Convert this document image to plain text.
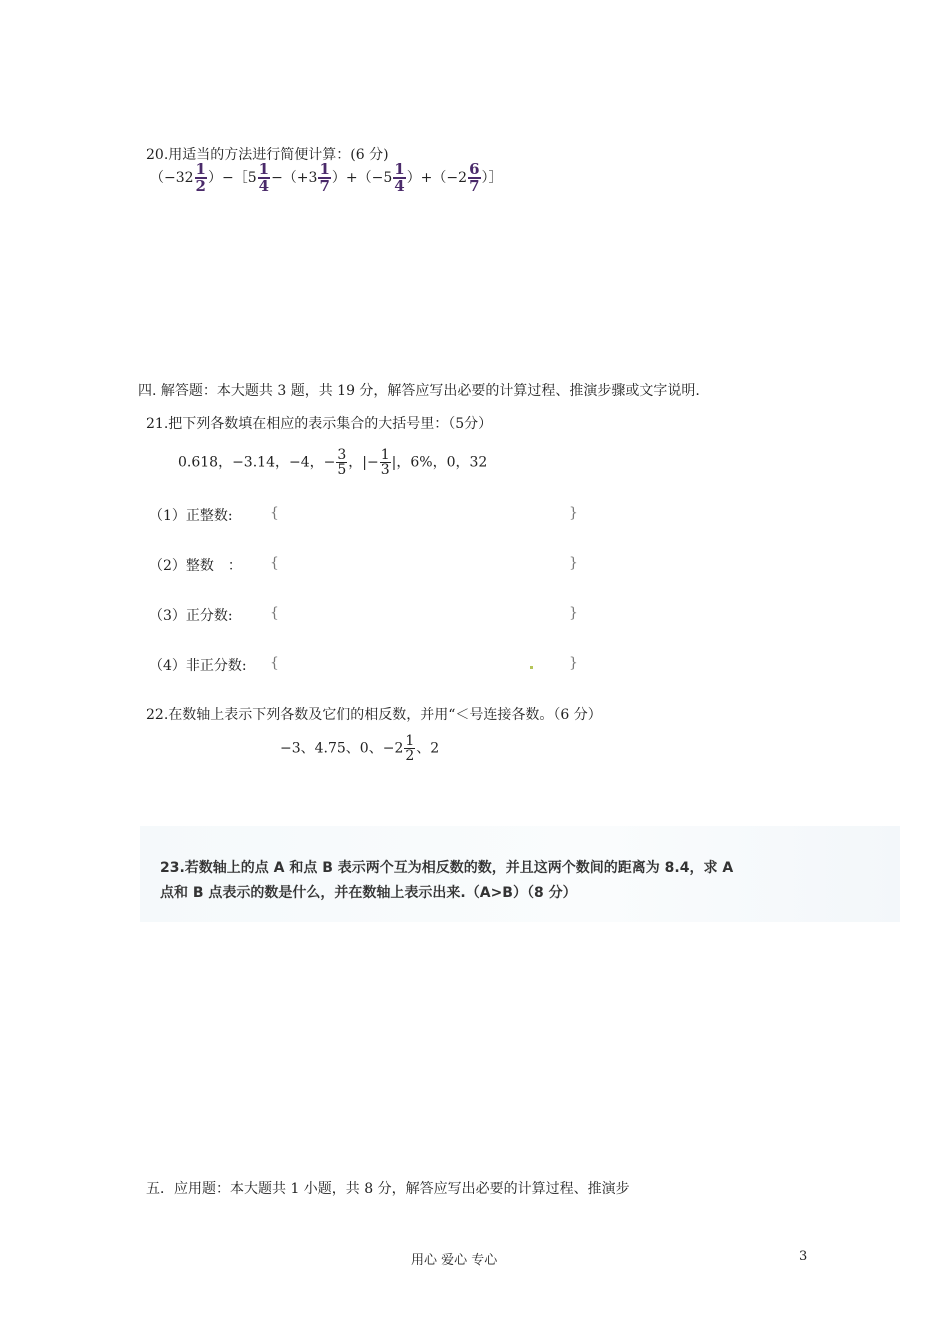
20.用适当的方法进行简便计算：(6 分)
（$-32 \frac{1}{2}$ ）−［5 $\frac{1}{4} -(+3 \frac{1}{7} )+(-5 \frac{1}{4} )+(-2 \frac{6}{7}$ ）］
四. 解答题：本大题共 3 题，共 19 分，解答应写出必要的计算过程、推演步骤或文字说明.
21.把下列各数填在相应的表示集合的大括号里：（5分）
0.618，−3.14，−4，− $\frac{3}{5}$ ，|− $\frac{1}{3}$ |，6%，0，32
（1）正整数:	{	}
（2）整数　： {	}
（3）正分数:	{	}
（4）非正分数: {	}
22.在数轴上表示下列各数及它们的相反数，并用“＜号连接各数。（6 分）
−3、4.75、0、$-2 \frac{1}{2}$ 、2
23.若数轴上的点 A 和点 B 表示两个互为相反数的数，并且这两个数间的距离为 8.4，求 A
点和 B 点表示的数是什么，并在数轴上表示出来.（A>B）（8 分）
五．应用题：本大题共 1 小题，共 8 分，解答应写出必要的计算过程、推演步
用心 爱心 专心	3
